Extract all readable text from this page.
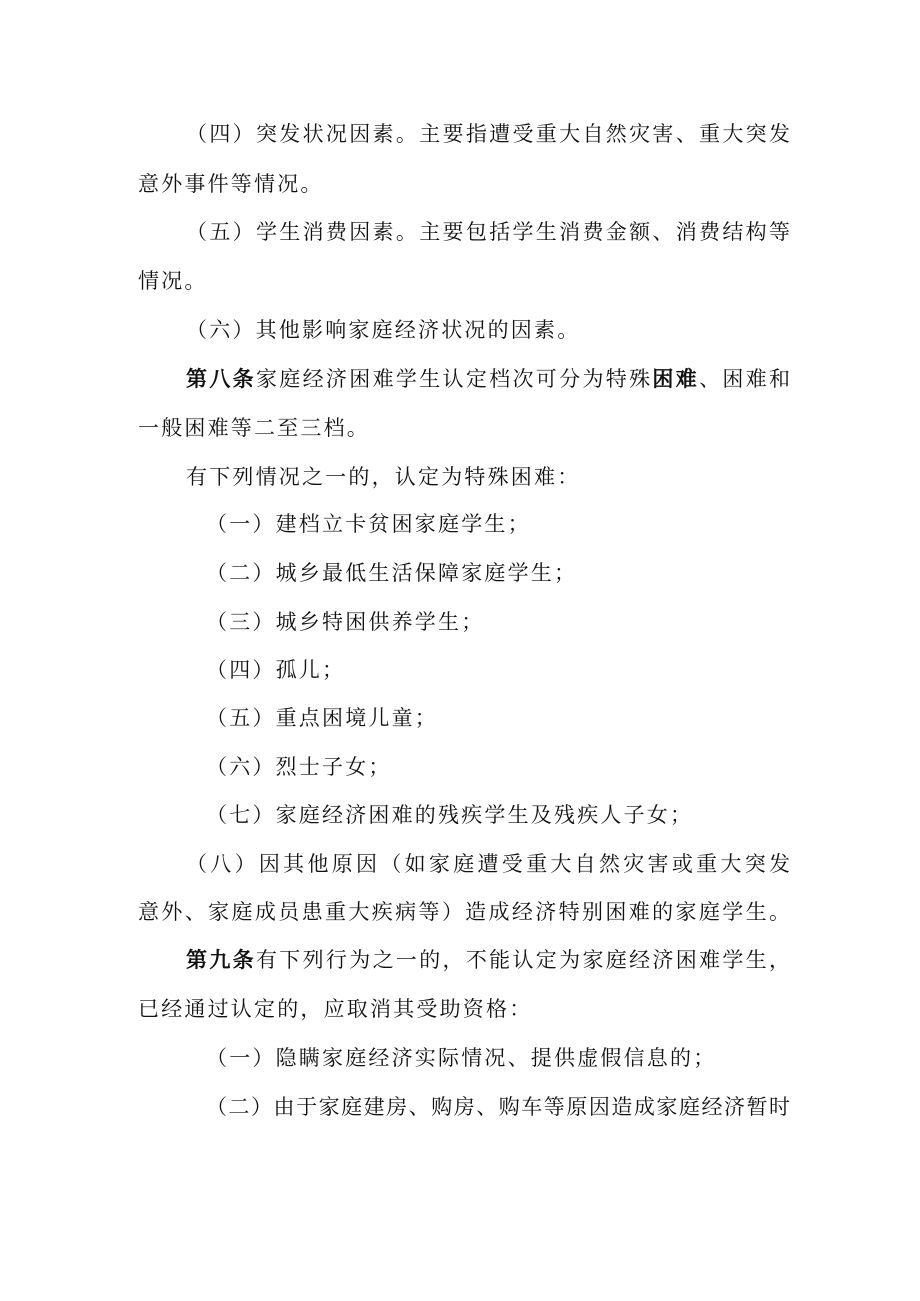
（四）突发状况因素。主要指遭受重大自然灾害、重大突发
意外事件等情况。
（五）学生消费因素。主要包括学生消费金额、消费结构等
情况。
（六）其他影响家庭经济状况的因素。
第八条家庭经济困难学生认定档次可分为特殊困难、困难和
一般困难等二至三档。
有下列情况之一的，认定为特殊困难：
（一）建档立卡贫困家庭学生；
（二）城乡最低生活保障家庭学生；
（三）城乡特困供养学生；
（四）孤儿；
（五）重点困境儿童；
（六）烈士子女；
（七）家庭经济困难的残疾学生及残疾人子女；
（八）因其他原因（如家庭遭受重大自然灾害或重大突发
意外、家庭成员患重大疾病等）造成经济特别困难的家庭学生。
第九条有下列行为之一的，不能认定为家庭经济困难学生，
已经通过认定的，应取消其受助资格：
（一）隐瞒家庭经济实际情况、提供虚假信息的；
（二）由于家庭建房、购房、购车等原因造成家庭经济暂时
